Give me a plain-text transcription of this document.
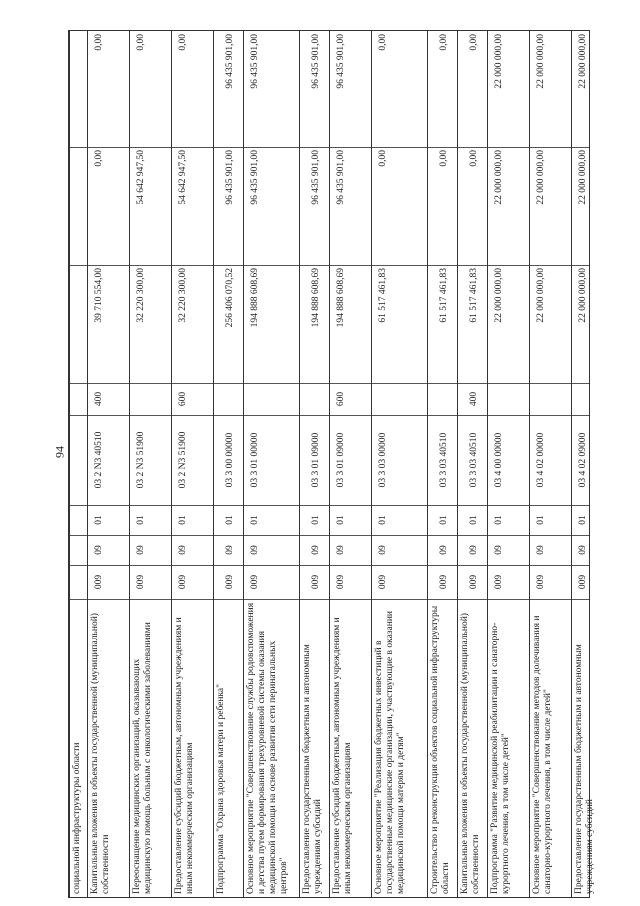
94
социальной инфраструктуры области Капитальные вложения в объекты государственной (муниципальной) собственности
009
09
01
03 2 N3 40510
400
39 710 554,00
0,00
0,00
Переоснащение медицинских организаций, оказывающих медицинскую помощь больным с онкологическими заболеваниями
009
09
01
03 2 N3 51900
32 220 300,00
54 642 947,50
0,00
Предоставление субсидий бюджетным, автономным учреждениям и иным некоммерческим организациям
009
09
01
03 2 N3 51900
600
32 220 300,00
54 642 947,50
0,00
Подпрограмма "Охрана здоровья матери и ребенка"
009
09
01
03 3 00 00000
256 406 070,52
96 435 901,00
96 435 901,00
Основное мероприятие "Совершенствование службы родовспоможения и детства путем формирования трехуровневой системы оказания медицинской помощи на основе развития сети перинатальных центров"
009
09
01
03 3 01 00000
194 888 608,69
96 435 901,00
96 435 901,00
Предоставление государственным бюджетным и автономным учреждениям субсидий
009
09
01
03 3 01 09000
194 888 608,69
96 435 901,00
96 435 901,00
Предоставление субсидий бюджетным, автономным учреждениям и иным некоммерческим организациям
009
09
01
03 3 01 09000
600
194 888 608,69
96 435 901,00
96 435 901,00
Основное мероприятие "Реализация бюджетных инвестиций в государственные медицинские организации, участвующие в оказании медицинской помощи матерям и детям"
009
09
01
03 3 03 00000
61 517 461,83
0,00
0,00
Строительство и реконструкция объектов социальной инфраструктуры области
009
09
01
03 3 03 40510
61 517 461,83
0,00
0,00
Капитальные вложения в объекты государственной (муниципальной) собственности
009
09
01
03 3 03 40510
400
61 517 461,83
0,00
0,00
Подпрограмма "Развитие медицинской реабилитации и санаторно-курортного лечения, в том числе детей"
009
09
01
03 4 00 00000
22 000 000,00
22 000 000,00
22 000 000,00
Основное мероприятие "Совершенствование методов долечивания и санаторно-курортного лечения, в том числе детей"
009
09
01
03 4 02 00000
22 000 000,00
22 000 000,00
22 000 000,00
Предоставление государственным бюджетным и автономным учреждениям субсидий
009
09
01
03 4 02 09000
22 000 000,00
22 000 000,00
22 000 000,00
